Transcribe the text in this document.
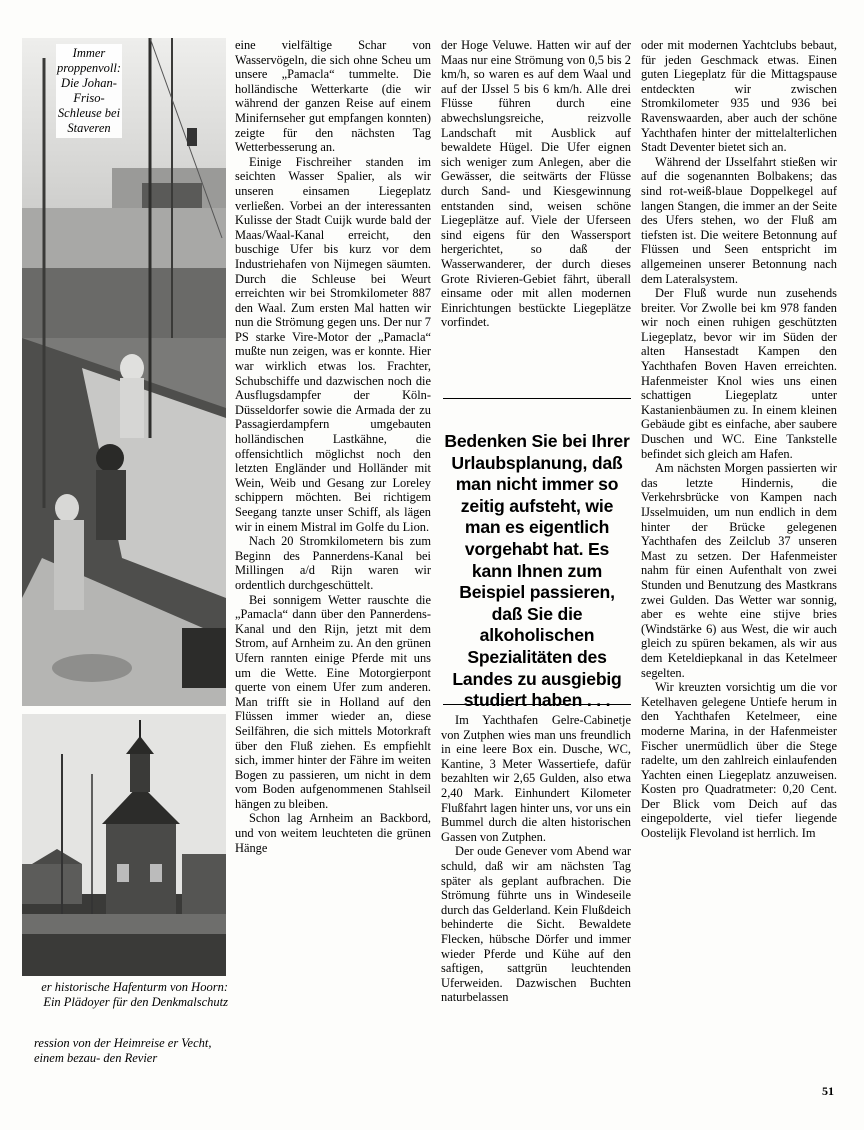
Immer proppenvoll: Die Johan-Friso-Schleuse bei Staveren
er historische Hafenturm von Hoorn: Ein Plädoyer für den Denkmalschutz
ression von der Heimreise er Vecht, einem bezau- den Revier

eine vielfältige Schar von Wasservögeln, die sich ohne Scheu um unsere „Pamacla“ tummelte. Die holländische Wetterkarte (die wir während der ganzen Reise auf einem Minifernseher gut empfangen konnten) zeigte für den nächsten Tag Wetterbesserung an.

Einige Fischreiher standen im seichten Wasser Spalier, als wir unseren einsamen Liegeplatz verließen. Vorbei an der interessanten Kulisse der Stadt Cuijk wurde bald der Maas/Waal-Kanal erreicht, den buschige Ufer bis kurz vor dem Industriehafen von Nijmegen säumten. Durch die Schleuse bei Weurt erreichten wir bei Stromkilometer 887 den Waal. Zum ersten Mal hatten wir nun die Strömung gegen uns. Der nur 7 PS starke Vire-Motor der „Pamacla“ mußte nun zeigen, was er konnte. Hier war wirklich etwas los. Frachter, Schubschiffe und dazwischen noch die Ausflugsdampfer der Köln-Düsseldorfer sowie die Armada der zu Passagierdampfern umgebauten holländischen Lastkähne, die offensichtlich möglichst noch den letzten Engländer und Holländer mit Wein, Weib und Gesang zur Loreley schippern möchten. Bei richtigem Seegang tanzte unser Schiff, als lägen wir in einem Mistral im Golfe du Lion.

Nach 20 Stromkilometern bis zum Beginn des Pannerdens-Kanal bei Millingen a/d Rijn waren wir ordentlich durchgeschüttelt.

Bei sonnigem Wetter rauschte die „Pamacla“ dann über den Pannerdens-Kanal und den Rijn, jetzt mit dem Strom, auf Arnheim zu. An den grünen Ufern rannten einige Pferde mit uns um die Wette. Eine Motorgierpont querte von einem Ufer zum anderen. Man trifft sie in Holland auf den Flüssen immer wieder an, diese Seilfähren, die sich mittels Motorkraft über den Fluß ziehen. Es empfiehlt sich, immer hinter der Fähre im weiten Bogen zu passieren, um nicht in dem vom Boden aufgenommenen Stahlseil hängen zu bleiben.

Schon lag Arnheim an Backbord, und von weitem leuchteten die grünen Hänge

der Hoge Veluwe. Hatten wir auf der Maas nur eine Strömung von 0,5 bis 2 km/h, so waren es auf dem Waal und auf der IJssel 5 bis 6 km/h. Alle drei Flüsse führen durch eine abwechslungsreiche, reizvolle Landschaft mit Ausblick auf bewaldete Hügel. Die Ufer eignen sich weniger zum Anlegen, aber die Gewässer, die seitwärts der Flüsse durch Sand- und Kiesgewinnung entstanden sind, weisen schöne Liegeplätze auf. Viele der Uferseen sind eigens für den Wassersport hergerichtet, so daß der Wasserwanderer, der durch dieses Grote Rivieren-Gebiet fährt, überall einsame oder mit allen modernen Einrichtungen bestückte Liegeplätze vorfindet.

Bedenken Sie bei Ihrer Urlaubsplanung, daß man nicht immer so zeitig aufsteht, wie man es eigentlich vorgehabt hat. Es kann Ihnen zum Beispiel passieren, daß Sie die alkoholischen Spezialitäten des Landes zu ausgiebig studiert haben . . .

Im Yachthafen Gelre-Cabinetje von Zutphen wies man uns freundlich in eine leere Box ein. Dusche, WC, Kantine, 3 Meter Wassertiefe, dafür bezahlten wir 2,65 Gulden, also etwa 2,40 Mark. Einhundert Kilometer Flußfahrt lagen hinter uns, vor uns ein Bummel durch die alten historischen Gassen von Zutphen.

Der oude Genever vom Abend war schuld, daß wir am nächsten Tag später als geplant aufbrachen. Die Strömung führte uns in Windeseile durch das Gelderland. Kein Flußdeich behinderte die Sicht. Bewaldete Flecken, hübsche Dörfer und immer wieder Pferde und Kühe auf den saftigen, sattgrün leuchtenden Uferweiden. Dazwischen Buchten naturbelassen

oder mit modernen Yachtclubs bebaut, für jeden Geschmack etwas. Einen guten Liegeplatz für die Mittagspause entdeckten wir zwischen Stromkilometer 935 und 936 bei Ravenswaarden, aber auch der schöne Yachthafen hinter der mittelalterlichen Stadt Deventer bietet sich an.

Während der IJsselfahrt stießen wir auf die sogenannten Bolbakens; das sind rot-weiß-blaue Doppelkegel auf langen Stangen, die immer an der Seite des Ufers stehen, wo der Fluß am tiefsten ist. Die weitere Betonnung auf Flüssen und Seen entspricht im allgemeinen unserer Betonnung nach dem Lateralsystem.

Der Fluß wurde nun zusehends breiter. Vor Zwolle bei km 978 fanden wir noch einen ruhigen geschützten Liegeplatz, bevor wir im Süden der alten Hansestadt Kampen den Yachthafen Boven Haven erreichten. Hafenmeister Knol wies uns einen schattigen Liegeplatz unter Kastanienbäumen zu. In einem kleinen Gebäude gibt es einfache, aber saubere Duschen und WC. Eine Tankstelle befindet sich gleich am Hafen.

Am nächsten Morgen passierten wir das letzte Hindernis, die Verkehrsbrücke von Kampen nach IJsselmuiden, um nun endlich in dem hinter der Brücke gelegenen Yachthafen des Zeilclub 37 unseren Mast zu setzen. Der Hafenmeister nahm für einen Aufenthalt von zwei Stunden und Benutzung des Mastkrans zwei Gulden. Das Wetter war sonnig, aber es wehte eine stijve bries (Windstärke 6) aus West, die wir auch gleich zu spüren bekamen, als wir aus dem Keteldiepkanal in das Ketelmeer segelten.

Wir kreuzten vorsichtig um die vor Ketelhaven gelegene Untiefe herum in den Yachthafen Ketelmeer, eine moderne Marina, in der Hafenmeister Fischer unermüdlich über die Stege radelte, um den zahlreich einlaufenden Yachten einen Liegeplatz anzuweisen. Kosten pro Quadratmeter: 0,20 Cent. Der Blick vom Deich auf das eingepolderte, viel tiefer liegende Oostelijk Flevoland ist herrlich. Im

51
